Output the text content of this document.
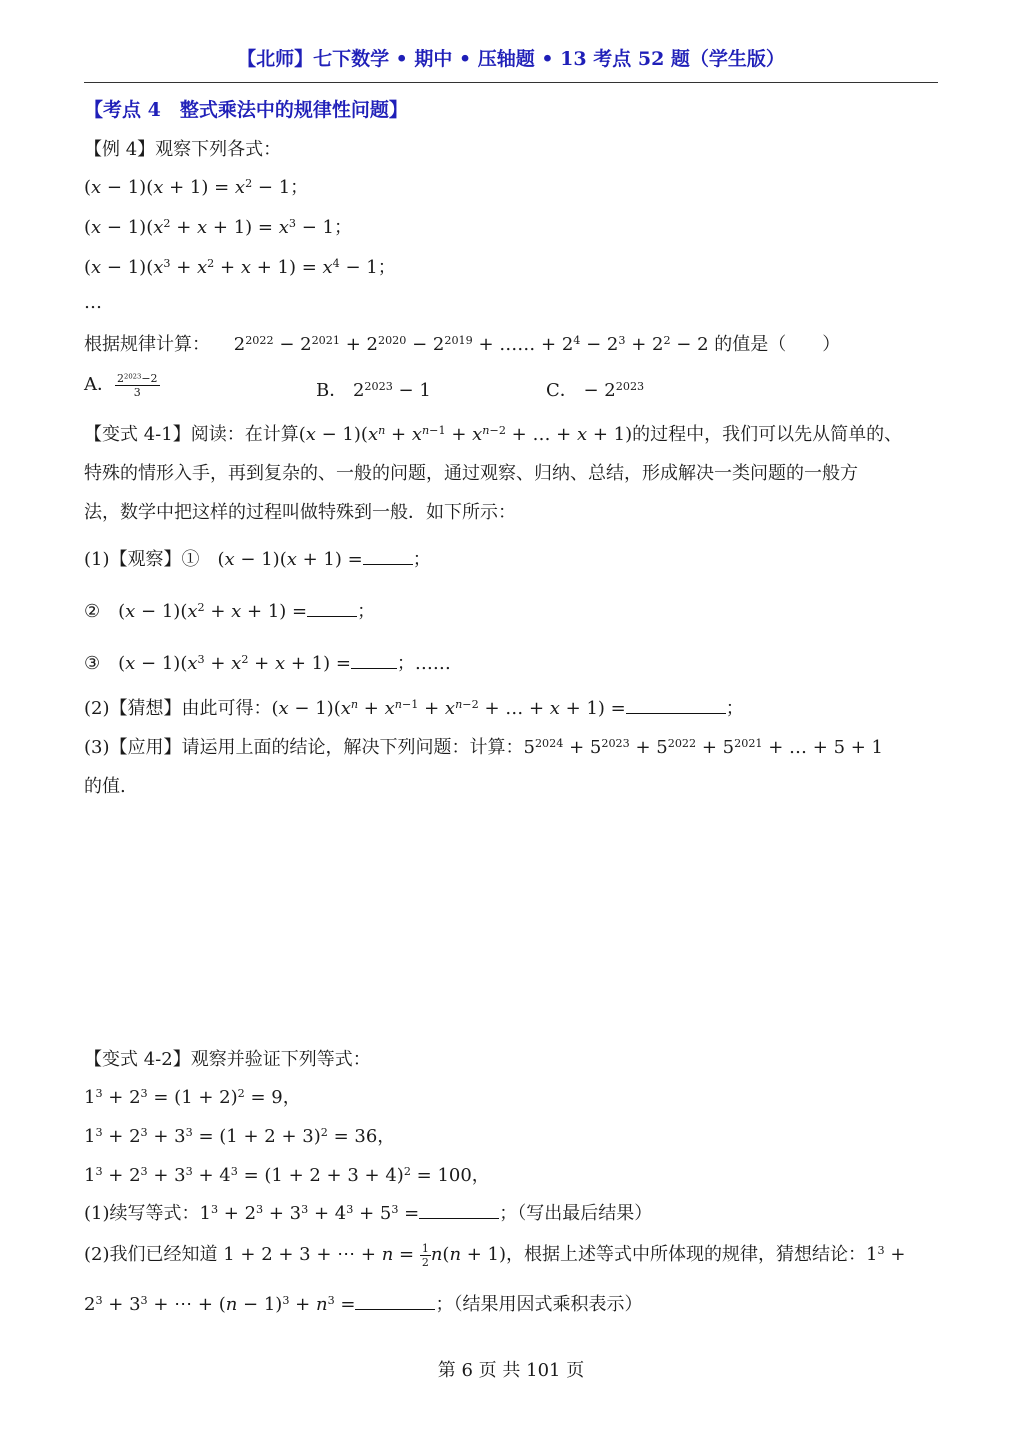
【北师】七下数学 • 期中 • 压轴题 • 13 考点 52 题（学生版）
【考点 4　整式乘法中的规律性问题】
【例 4】观察下列各式：
$(x - 1)(x + 1) = x^2 - 1$；
$(x - 1)(x^2 + x + 1) = x^3 - 1$；
$(x - 1)(x^3 + x^2 + x + 1) = x^4 - 1$；
…
根据规律计算： 　$2^{2022} - 2^{2021} + 2^{2020} - 2^{2019}$ + …… + $2^4 - 2^3 + 2^2 - 2$ 的值是（　　）
A． $\frac{2^{2023}-2}{3}$	B． $2^{2023} - 1$	C． − $2^{2023}$
【变式 4-1】阅读：在计算$(x - 1)(x^n + x^{n-1} + x^{n-2}$ + … + x + 1)的过程中，我们可以先从简单的、
特殊的情形入手，再到复杂的、一般的问题，通过观察、归纳、总结，形成解决一类问题的一般方
法，数学中把这样的过程叫做特殊到一般．如下所示：
(1)【观察】①　(x − 1)(x + 1) =	；
②　$(x - 1)(x^2 + x + 1)$ =	；
③　$(x - 1)(x^3 + x^2 + x + 1)$ =	；……
(2)【猜想】由此可得：$(x - 1)(x^n + x^{n-1} + x^{n-2}$ + … + x + 1) =	；
(3)【应用】请运用上面的结论，解决下列问题：计算：$5^{2024} + 5^{2023} + 5^{2022} + 5^{2021}$ + … + 5 + 1
的值.
【变式 4-2】观察并验证下列等式：
$1^3 + 2^3 = (1 + 2)^2 = 9$，
$1^3 + 2^3 + 3^3 = (1 + 2 + 3)^2 = 36$，
$1^3 + 2^3 + 3^3 + 4^3 = (1 + 2 + 3 + 4)^2 = 100$，
(1)续写等式：$1^3 + 2^3 + 3^3 + 4^3 + 5^3$ =	；（写出最后结果）
(2)我们已经知道 1 + 2 + 3 + ⋯ + $n = \frac{1}{2} n(n + 1)$，根据上述等式中所体现的规律，猜想结论：$1^3$ +
$2^3 + 3^3$ + ⋯ + $(n - 1)^3 + n^3$ =	；（结果用因式乘积表示）
第 6 页 共 101 页
